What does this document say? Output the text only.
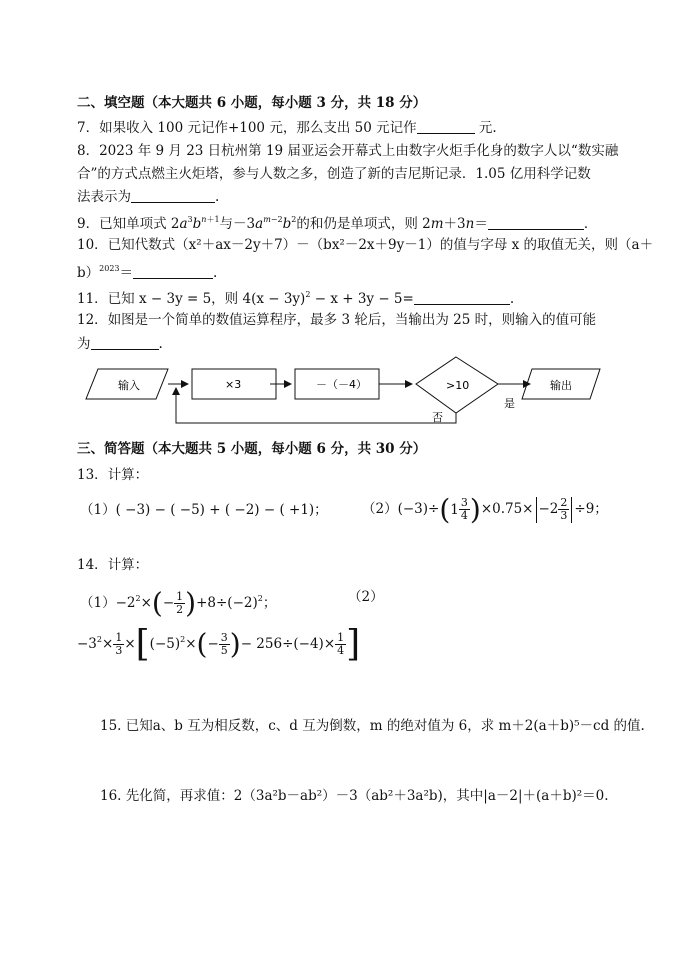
二、填空题（本大题共 6 小题，每小题 3 分，共 18 分）
7．如果收入 100 元记作+100 元，那么支出 50 元记作	元.
8．2023 年 9 月 23 日杭州第 19 届亚运会开幕式上由数字火炬手化身的数字人以“数实融
合”的方式点燃主火炬塔，参与人数之多，创造了新的吉尼斯记录．1.05 亿用科学记数
法表示为	.
9．已知单项式 $2a^3b^{n+1}$与$-3a^{m-2}b^2$的和仍是单项式，则 2m＋3n＝	．
10．已知代数式（x²＋ax－2y＋7）－（bx²－2x＋9y－1）的值与字母 x 的取值无关，则（a＋
b）$^{2023}$＝	.
11．已知 x − 3y = 5，则 $4(x - 3y)^2 - x + 3y - 5=$	.
12．如图是一个简单的数值运算程序，最多 3 轮后，当输出为 25 时，则输入的值可能
为	.
输入	×3	－（－4）	>10	输出
是
否
三、简答题（本大题共 5 小题，每小题 6 分，共 30 分）
13．计算：
（1）( −3) − ( −5) + ( −2) − ( +1)；	（2）(−3)÷ ( $1 \frac{3}{4}$ ) $\times 0.75\times -2 \frac{2}{3} \div 9$；
14．计算：
$(1)-2^2\times(- \frac{1}{2} )+8\div(-2)^2$；	（2）
$-3^2\times \frac{1}{3} \times[(-5)^2\times(- \frac{3}{5}$ )− $256\div(-4)\times \frac{1}{4}$ ]
15. 已知a、b 互为相反数，c、d 互为倒数，m 的绝对值为 6，求 m＋2(a＋b)⁵－cd 的值.
16. 先化简，再求值：2（3a²b－ab²）－3（ab²＋3a²b)，其中|a－2|＋(a＋b)²＝0.
